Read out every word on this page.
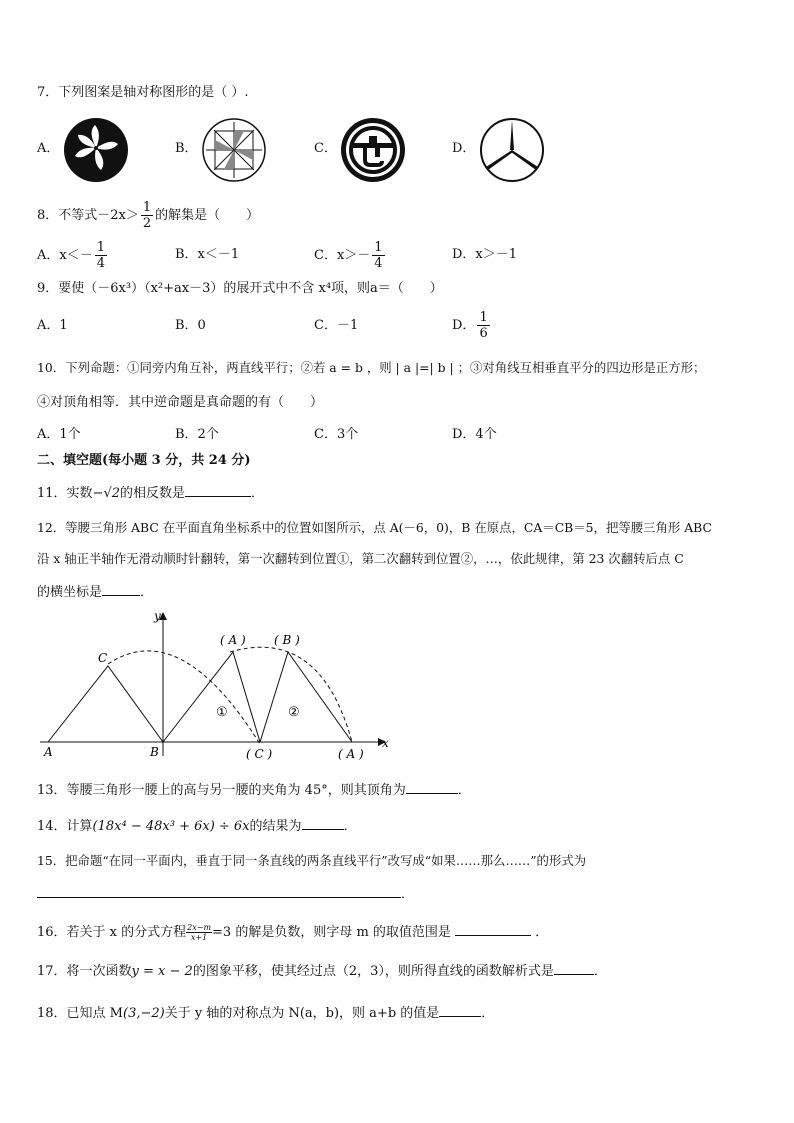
7．下列图案是轴对称图形的是（ ）.
A．	B．	C．	D．
8．不等式$-2x> \frac{1}{2}$ 的解集是（　　）
A．$x<- \frac{1}{4}$	B．x＜－1	C．$x>- \frac{1}{4}$	D．x＞－1
9．要使（－6x³）（x²+ax－3）的展开式中不含 x⁴项，则a＝（　　）
A．1	B．0	C．－1	D． $\frac{1}{6}$
10．下列命题：①同旁内角互补，两直线平行；②若 a = b ，则 | a |=| b | ；③对角线互相垂直平分的四边形是正方形；
④对顶角相等．其中逆命题是真命题的有（　　）
A．1个	B．2个	C．3个	D．4个
二、填空题(每小题 3 分，共 24 分)
11．实数−√2的相反数是	．
12．等腰三角形 ABC 在平面直角坐标系中的位置如图所示，点 A(－6，0)，B 在原点，CA＝CB＝5，把等腰三角形 ABC
沿 x 轴正半轴作无滑动顺时针翻转，第一次翻转到位置①，第二次翻转到位置②，…，依此规律，第 23 次翻转后点 C
的横坐标是	．
y
x
A	B
C
( A ) ( B )
( C )	( A )
①	②
13．等腰三角形一腰上的高与另一腰的夹角为 45°，则其顶角为	．
14．计算(18x⁴ − 48x³ + 6x) ÷ 6x的结果为	．
15．把命题“在同一平面内，垂直于同一条直线的两条直线平行”改写成“如果……那么……”的形式为
．
16．若关于 x 的分式方程 $\frac{2x-m}{x+1} =3$ 的解是负数，则字母 m 的取值范围是	．
17．将一次函数y = x − 2的图象平移，使其经过点（2，3），则所得直线的函数解析式是	．
18．已知点 M(3,−2)关于 y 轴的对称点为 N(a，b)，则 a+b 的值是	．
